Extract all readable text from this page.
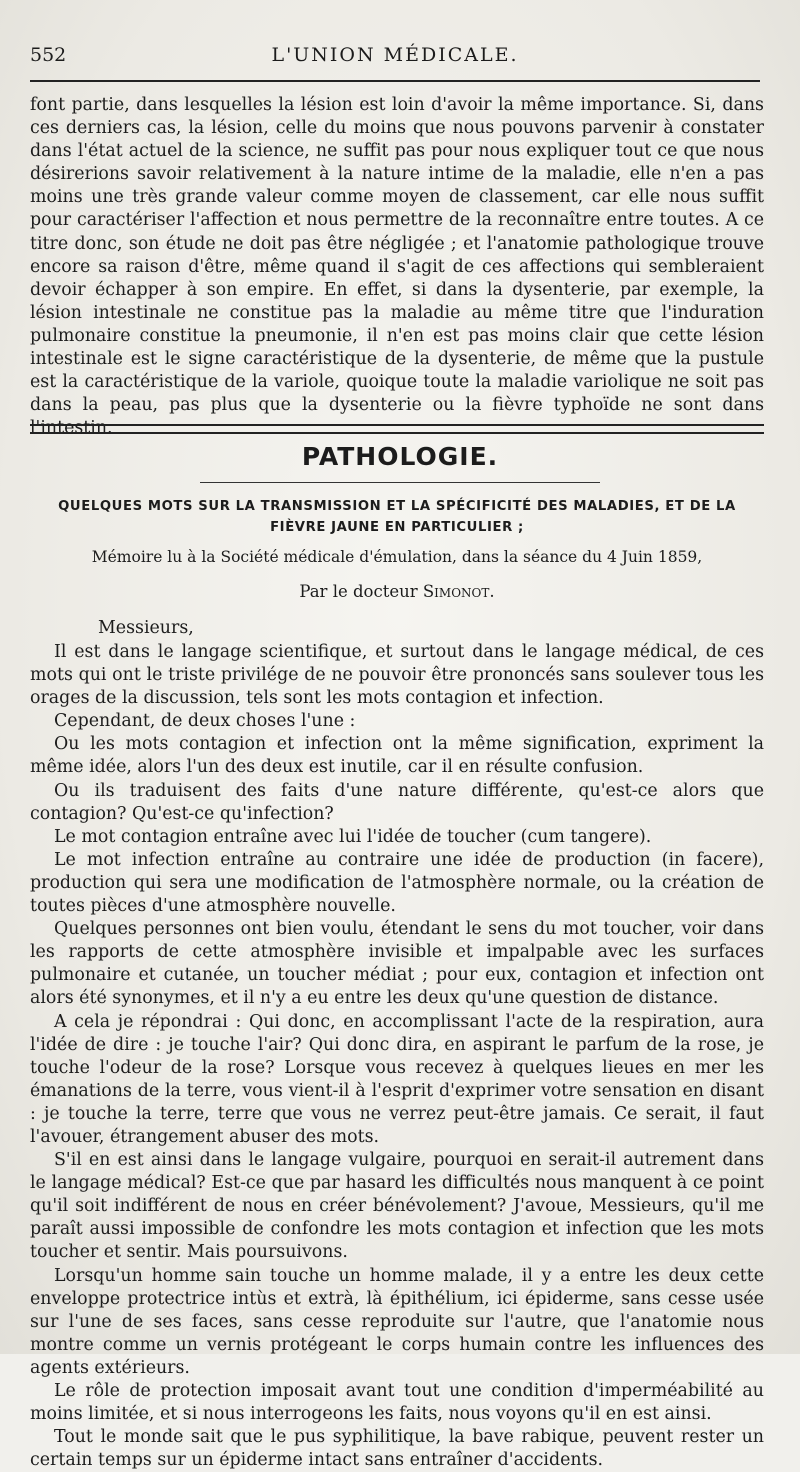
552	L'UNION MÉDICALE.

font partie, dans lesquelles la lésion est loin d'avoir la même importance. Si, dans ces derniers cas, la lésion, celle du moins que nous pouvons parvenir à constater dans l'état actuel de la science, ne suffit pas pour nous expliquer tout ce que nous désirerions savoir relativement à la nature intime de la maladie, elle n'en a pas moins une très grande valeur comme moyen de classement, car elle nous suffit pour caractériser l'affection et nous permettre de la reconnaître entre toutes. A ce titre donc, son étude ne doit pas être négligée ; et l'anatomie pathologique trouve encore sa raison d'être, même quand il s'agit de ces affections qui sembleraient devoir échapper à son empire. En effet, si dans la dysenterie, par exemple, la lésion intestinale ne constitue pas la maladie au même titre que l'induration pulmonaire constitue la pneumonie, il n'en est pas moins clair que cette lésion intestinale est le signe caractéristique de la dysenterie, de même que la pustule est la caractéristique de la variole, quoique toute la maladie variolique ne soit pas dans la peau, pas plus que la dysenterie ou la fièvre typhoïde ne sont dans l'intestin.

PATHOLOGIE.
QUELQUES MOTS SUR LA TRANSMISSION ET LA SPÉCIFICITÉ DES MALADIES, ET DE LA
FIÈVRE JAUNE EN PARTICULIER ;
Mémoire lu à la Société médicale d'émulation, dans la séance du 4 Juin 1859,
Par le docteur Simonot.
Messieurs,

Il est dans le langage scientifique, et surtout dans le langage médical, de ces mots qui ont le triste privilége de ne pouvoir être prononcés sans soulever tous les orages de la discussion, tels sont les mots contagion et infection.

Cependant, de deux choses l'une :

Ou les mots contagion et infection ont la même signification, expriment la même idée, alors l'un des deux est inutile, car il en résulte confusion.

Ou ils traduisent des faits d'une nature différente, qu'est-ce alors que contagion? Qu'est-ce qu'infection?

Le mot contagion entraîne avec lui l'idée de toucher (cum tangere).

Le mot infection entraîne au contraire une idée de production (in facere), production qui sera une modification de l'atmosphère normale, ou la création de toutes pièces d'une atmosphère nouvelle.

Quelques personnes ont bien voulu, étendant le sens du mot toucher, voir dans les rapports de cette atmosphère invisible et impalpable avec les surfaces pulmonaire et cutanée, un toucher médiat ; pour eux, contagion et infection ont alors été synonymes, et il n'y a eu entre les deux qu'une question de distance.

A cela je répondrai : Qui donc, en accomplissant l'acte de la respiration, aura l'idée de dire : je touche l'air? Qui donc dira, en aspirant le parfum de la rose, je touche l'odeur de la rose? Lorsque vous recevez à quelques lieues en mer les émanations de la terre, vous vient-il à l'esprit d'exprimer votre sensation en disant : je touche la terre, terre que vous ne verrez peut-être jamais. Ce serait, il faut l'avouer, étrangement abuser des mots.

S'il en est ainsi dans le langage vulgaire, pourquoi en serait-il autrement dans le langage médical? Est-ce que par hasard les difficultés nous manquent à ce point qu'il soit indifférent de nous en créer bénévolement? J'avoue, Messieurs, qu'il me paraît aussi impossible de confondre les mots contagion et infection que les mots toucher et sentir. Mais poursuivons.

Lorsqu'un homme sain touche un homme malade, il y a entre les deux cette enveloppe protectrice intùs et extrà, là épithélium, ici épiderme, sans cesse usée sur l'une de ses faces, sans cesse reproduite sur l'autre, que l'anatomie nous montre comme un vernis protégeant le corps humain contre les influences des agents extérieurs.

Le rôle de protection imposait avant tout une condition d'imperméabilité au moins limitée, et si nous interrogeons les faits, nous voyons qu'il en est ainsi.

Tout le monde sait que le pus syphilitique, la bave rabique, peuvent rester un certain temps sur un épiderme intact sans entraîner d'accidents.
